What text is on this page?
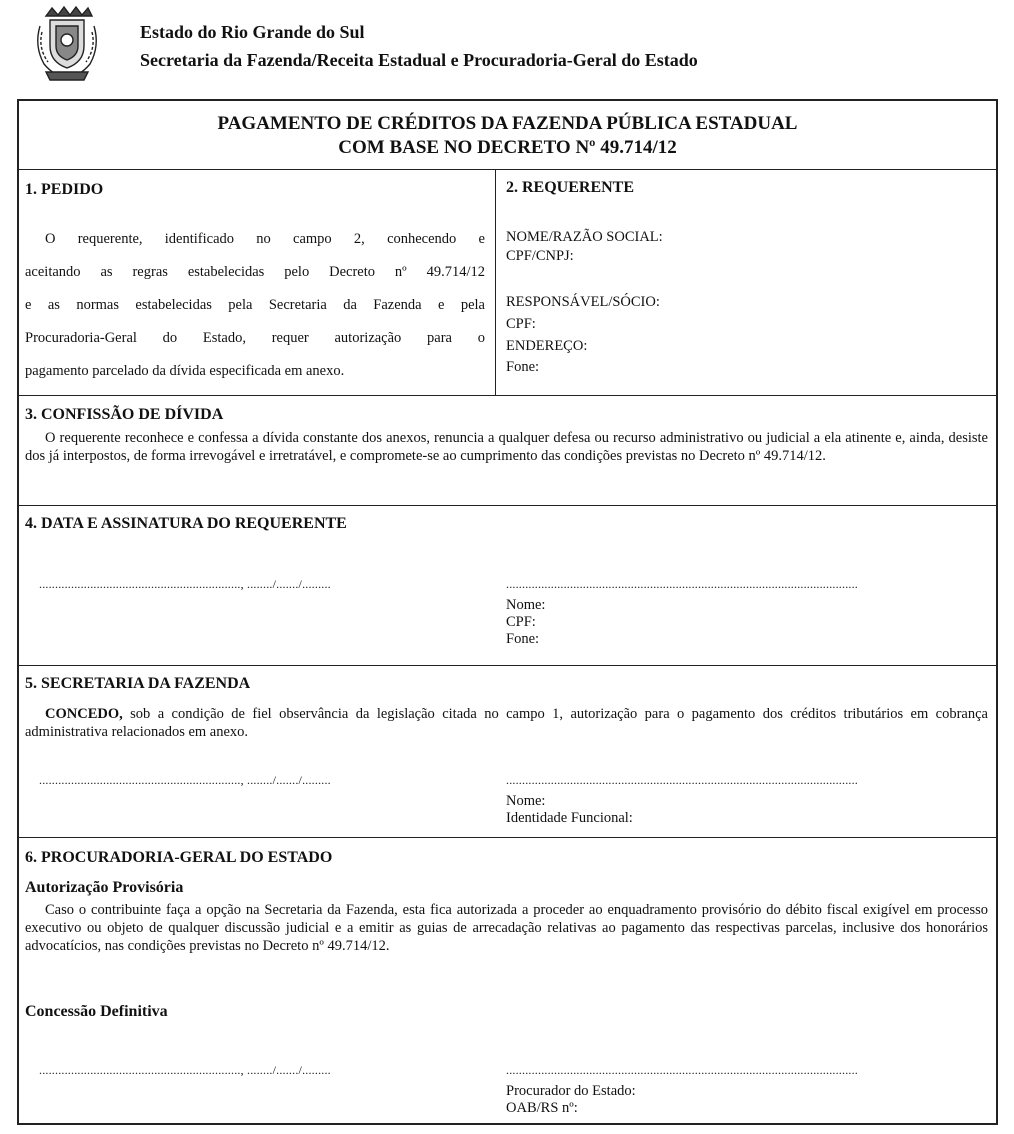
Estado do Rio Grande do Sul
Secretaria da Fazenda/Receita Estadual e Procuradoria-Geral do Estado
PAGAMENTO DE CRÉDITOS DA FAZENDA PÚBLICA ESTADUAL
COM BASE NO DECRETO Nº 49.714/12
1. PEDIDO
O requerente, identificado no campo 2, conhecendo e
aceitando as regras estabelecidas pelo Decreto nº 49.714/12
e as normas estabelecidas pela Secretaria da Fazenda e pela
Procuradoria-Geral do Estado, requer autorização para o
pagamento parcelado da dívida especificada em anexo.
2. REQUERENTE
NOME/RAZÃO SOCIAL:
CPF/CNPJ:
RESPONSÁVEL/SÓCIO:
CPF:
ENDEREÇO:
Fone:
3. CONFISSÃO DE DÍVIDA
O requerente reconhece e confessa a dívida constante dos anexos, renuncia a qualquer defesa ou recurso administrativo ou judicial a ela atinente e, ainda, desiste dos já interpostos, de forma irrevogável e irretratável, e compromete-se ao cumprimento das condições previstas no Decreto nº 49.714/12.
4. DATA E ASSINATURA DO REQUERENTE
..............................................................., ......../......./.........	..............................................................................................................
Nome:
CPF:
Fone:
5. SECRETARIA DA FAZENDA
CONCEDO, sob a condição de fiel observância da legislação citada no campo 1, autorização para o pagamento dos créditos tributários em cobrança administrativa relacionados em anexo.
..............................................................., ......../......./.........	..............................................................................................................
Nome:
Identidade Funcional:
6. PROCURADORIA-GERAL DO ESTADO
Autorização Provisória
Caso o contribuinte faça a opção na Secretaria da Fazenda, esta fica autorizada a proceder ao enquadramento provisório do débito fiscal exigível em processo executivo ou objeto de qualquer discussão judicial e a emitir as guias de arrecadação relativas ao pagamento das respectivas parcelas, inclusive dos honorários advocatícios, nas condições previstas no Decreto nº 49.714/12.
Concessão Definitiva
..............................................................., ......../......./.........	..............................................................................................................
Procurador do Estado:
OAB/RS nº:
